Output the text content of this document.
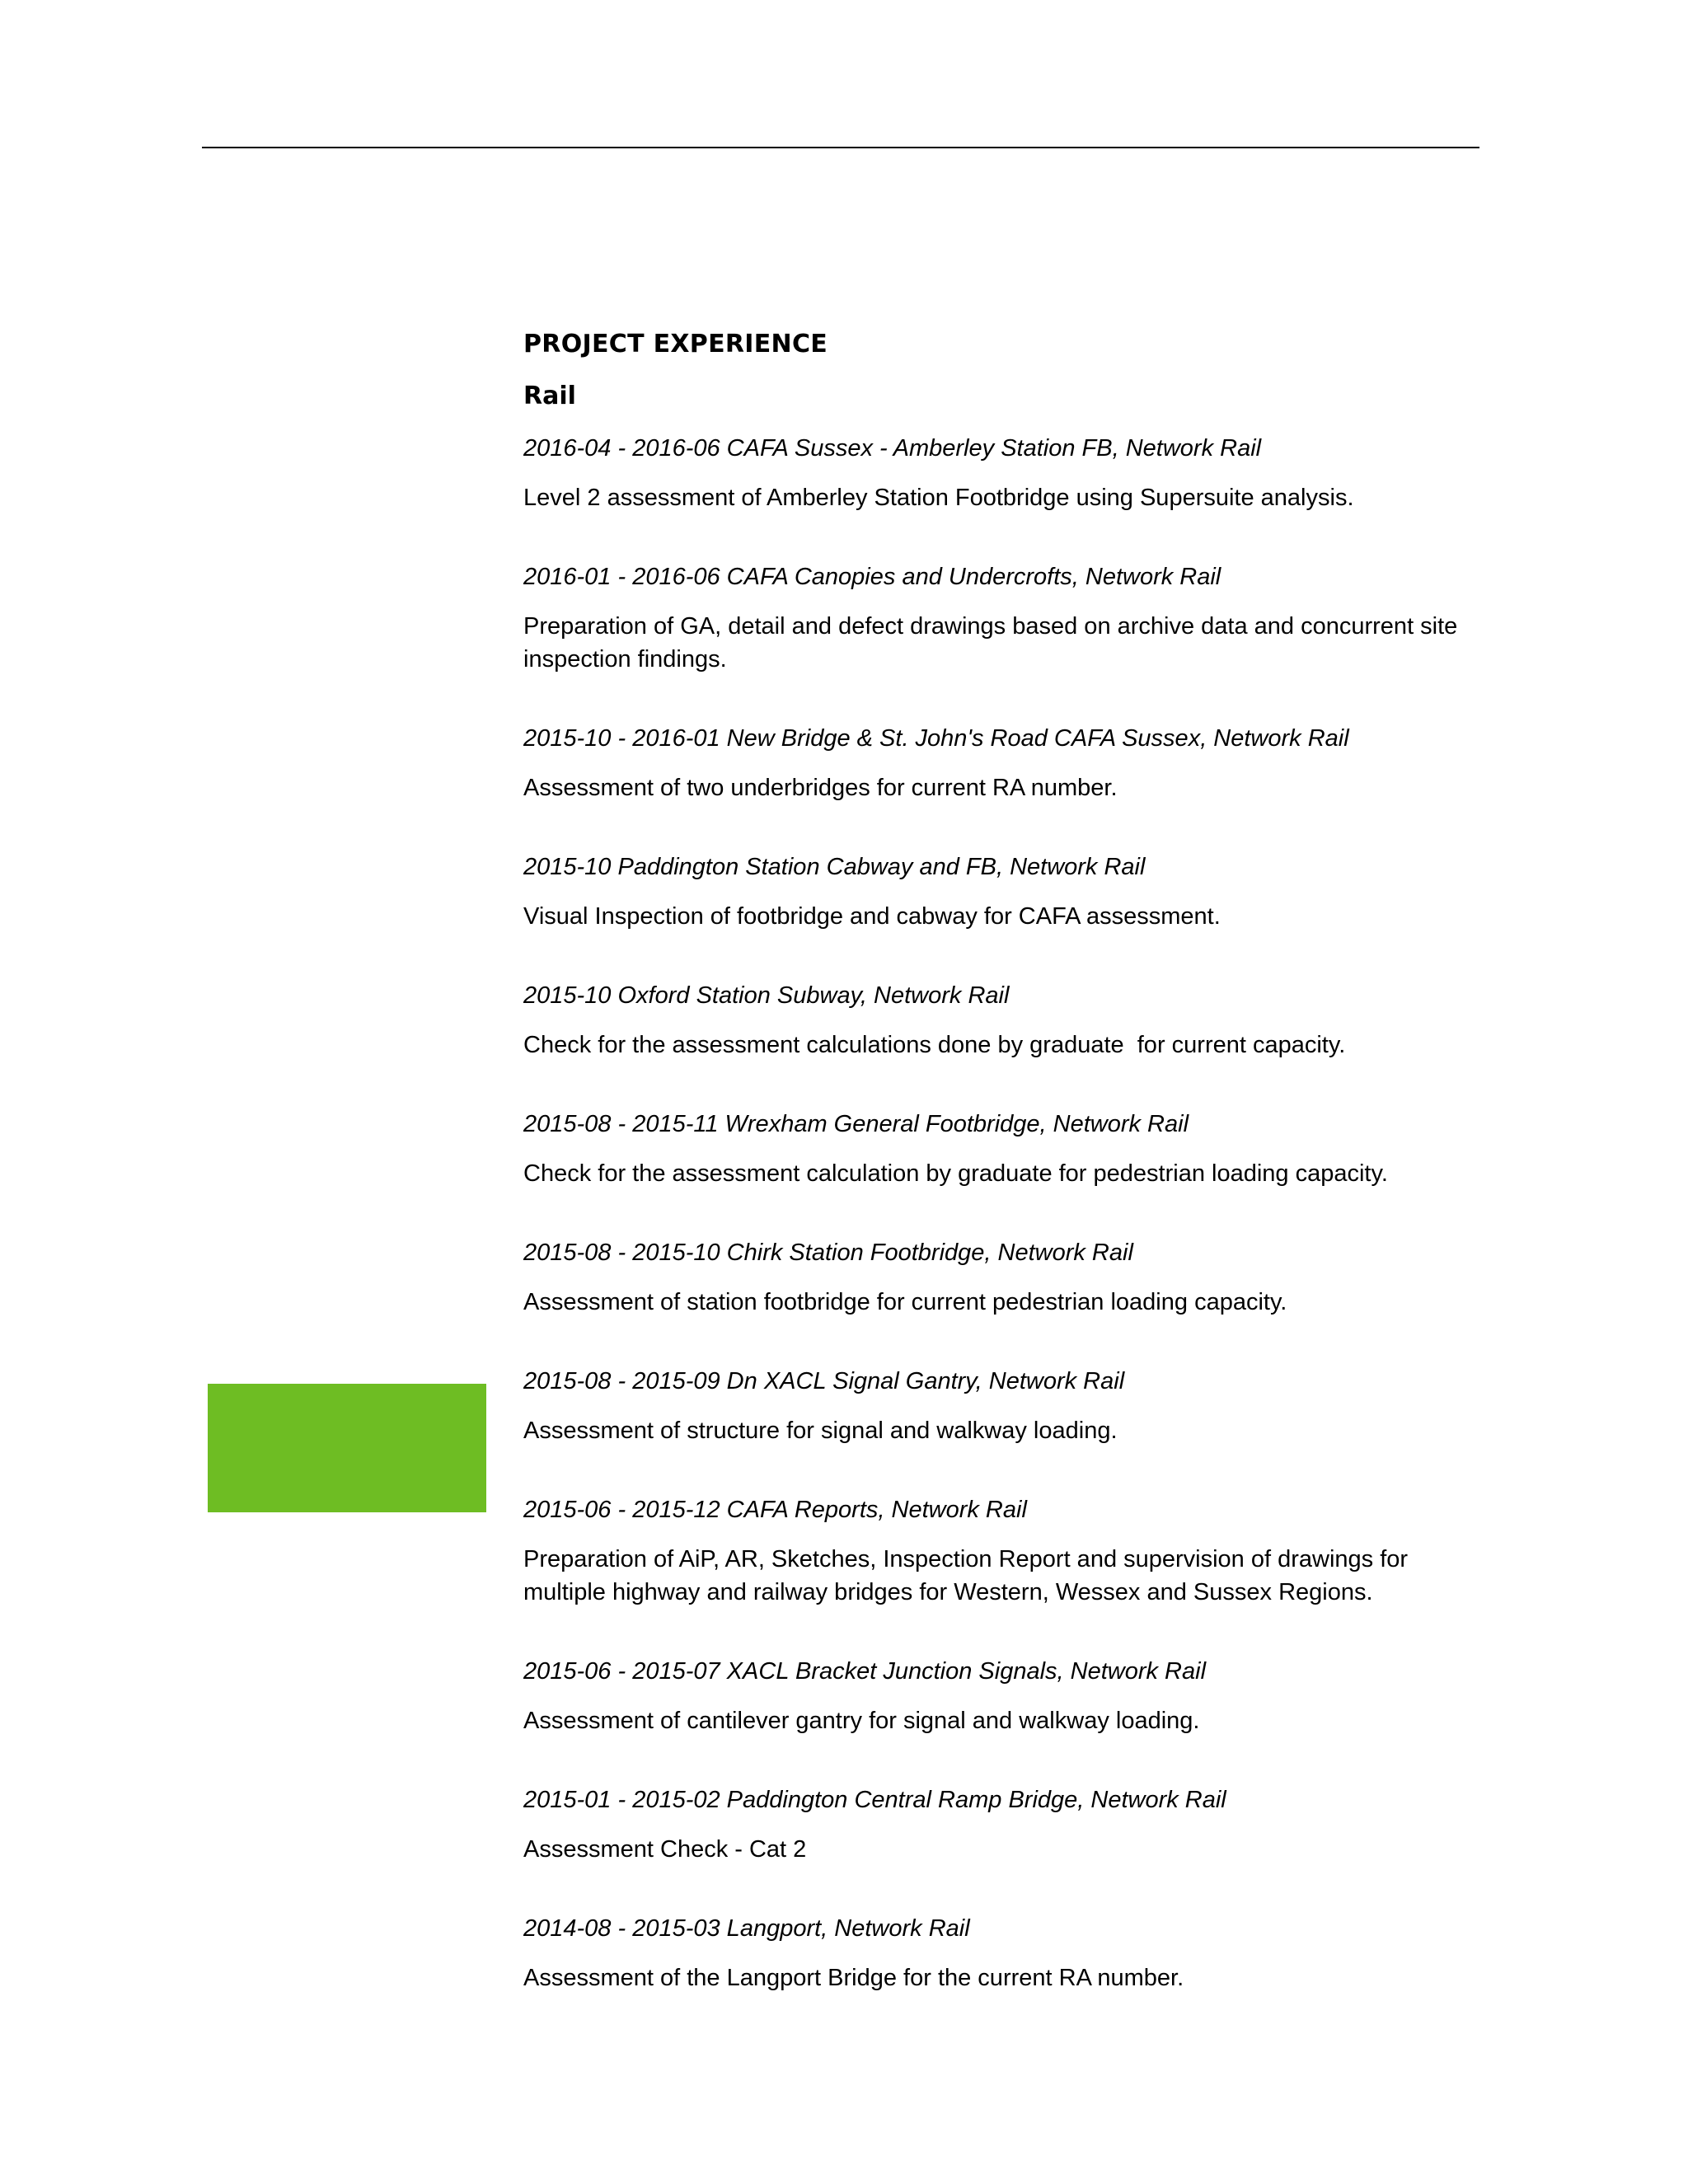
PROJECT EXPERIENCE
Rail
2016-04 - 2016-06 CAFA Sussex - Amberley Station FB, Network Rail
Level 2 assessment of Amberley Station Footbridge using Supersuite analysis.
2016-01 - 2016-06 CAFA Canopies and Undercrofts, Network Rail
Preparation of GA, detail and defect drawings based on archive data and concurrent site inspection findings.
2015-10 - 2016-01 New Bridge & St. John's Road CAFA Sussex, Network Rail
Assessment of two underbridges for current RA number.
2015-10 Paddington Station Cabway and FB, Network Rail
Visual Inspection of footbridge and cabway for CAFA assessment.
2015-10 Oxford Station Subway, Network Rail
Check for the assessment calculations done by graduate  for current capacity.
2015-08 - 2015-11 Wrexham General Footbridge, Network Rail
Check for the assessment calculation by graduate for pedestrian loading capacity.
2015-08 - 2015-10 Chirk Station Footbridge, Network Rail
Assessment of station footbridge for current pedestrian loading capacity.
2015-08 - 2015-09 Dn XACL Signal Gantry, Network Rail
Assessment of structure for signal and walkway loading.
2015-06 - 2015-12 CAFA Reports, Network Rail
Preparation of AiP, AR, Sketches, Inspection Report and supervision of drawings for multiple highway and railway bridges for Western, Wessex and Sussex Regions.
2015-06 - 2015-07 XACL Bracket Junction Signals, Network Rail
Assessment of cantilever gantry for signal and walkway loading.
2015-01 - 2015-02 Paddington Central Ramp Bridge, Network Rail
Assessment Check - Cat 2
2014-08 - 2015-03 Langport, Network Rail
Assessment of the Langport Bridge for the current RA number.
